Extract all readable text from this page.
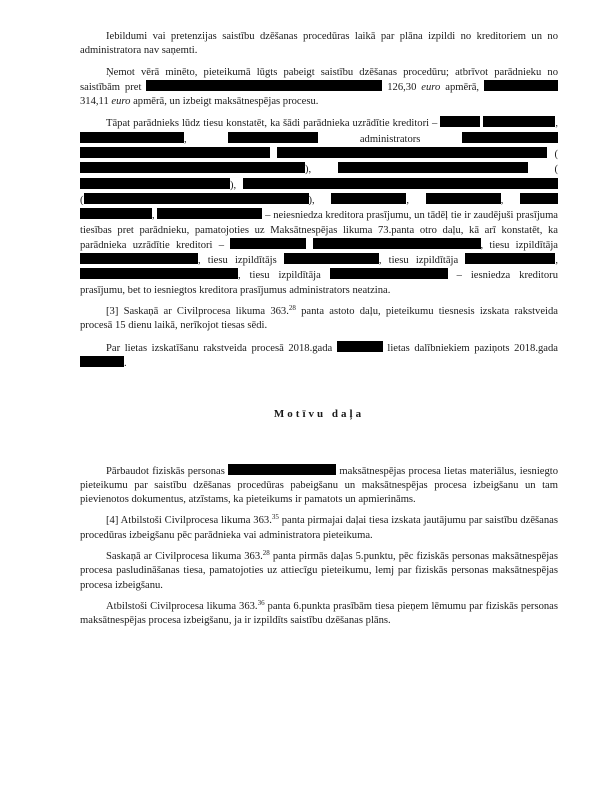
Iebildumi vai pretenzijas saistību dzēšanas procedūras laikā par plāna izpildi no kreditoriem un no administratora nav saņemti.

Ņemot vērā minēto, pieteikumā lūgts pabeigt saistību dzēšanas procedūru; atbrīvot parādnieku no saistībām pret	126,30 euro apmērā,  314,11 euro apmērā, un izbeigt maksātnespējas procesu.

Tāpat parādnieks lūdz tiesu konstatēt, ka šādi parādnieka uzrādītie kreditori –	, ,	administrators    (),	(),  (	),	,	,  ,	– neiesniedza kreditora prasījumu, un tādēļ tie ir zaudējuši prasījuma tiesības pret parādnieku, pamatojoties uz Maksātnespējas likuma 73.panta otro daļu, kā arī konstatēt, ka parādnieka uzrādītie kreditori –	, tiesu izpildītāja , tiesu izpildītājs	, tiesu izpildītāja	, , tiesu izpildītāja	– iesniedza kreditoru prasījumu, bet to iesniegtos kreditora prasījumus administrators neatzina.

[3] Saskaņā ar Civilprocesa likuma 363.28 panta astoto daļu, pieteikumu tiesnesis izskata rakstveida procesā 15 dienu laikā, nerīkojot tiesas sēdi.

Par lietas izskatīšanu rakstveida procesā 2018.gada	lietas dalībniekiem paziņots 2018.gada .

Motīvu daļa

Pārbaudot fiziskās personas	maksātnespējas procesa lietas materiālus, iesniegto pieteikumu par saistību dzēšanas procedūras pabeigšanu un maksātnespējas procesa izbeigšanu un tam pievienotos dokumentus, atzīstams, ka pieteikums ir pamatots un apmierināms.

[4] Atbilstoši Civilprocesa likuma 363.35 panta pirmajai daļai tiesa izskata jautājumu par saistību dzēšanas procedūras izbeigšanu pēc parādnieka vai administratora pieteikuma.

Saskaņā ar Civilprocesa likuma 363.28 panta pirmās daļas 5.punktu, pēc fiziskās personas maksātnespējas procesa pasludināšanas tiesa, pamatojoties uz attiecīgu pieteikumu, lemj par fiziskās personas maksātnespējas procesa izbeigšanu.

Atbilstoši Civilprocesa likuma 363.36 panta 6.punkta prasībām tiesa pieņem lēmumu par fiziskās personas maksātnespējas procesa izbeigšanu, ja ir izpildīts saistību dzēšanas plāns.
